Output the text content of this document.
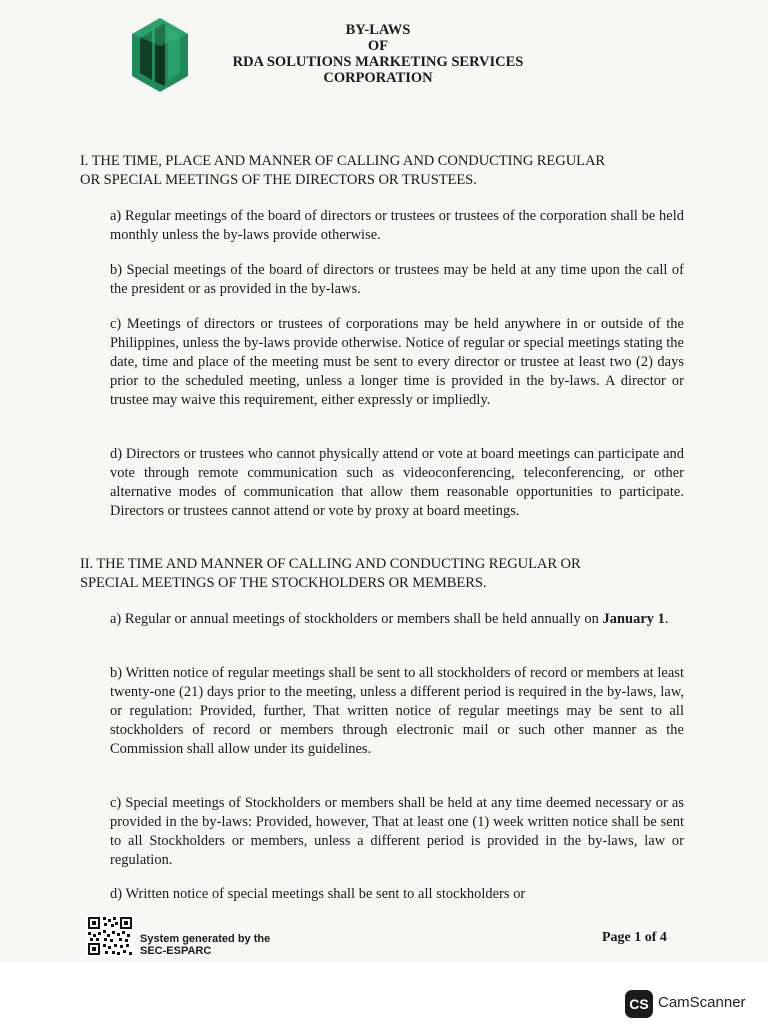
BY-LAWS
OF
RDA SOLUTIONS MARKETING SERVICES
CORPORATION
I. THE TIME, PLACE AND MANNER OF CALLING AND CONDUCTING REGULAR
OR SPECIAL MEETINGS OF THE DIRECTORS OR TRUSTEES.
a) Regular meetings of the board of directors or trustees or trustees of the corporation shall be held monthly unless the by-laws provide otherwise.
b) Special meetings of the board of directors or trustees may be held at any time upon the call of the president or as provided in the by-laws.
c) Meetings of directors or trustees of corporations may be held anywhere in or outside of the Philippines, unless the by-laws provide otherwise. Notice of regular or special meetings stating the date, time and place of the meeting must be sent to every director or trustee at least two (2) days prior to the scheduled meeting, unless a longer time is provided in the by-laws. A director or trustee may waive this requirement, either expressly or impliedly.
d) Directors or trustees who cannot physically attend or vote at board meetings can participate and vote through remote communication such as videoconferencing, teleconferencing, or other alternative modes of communication that allow them reasonable opportunities to participate. Directors or trustees cannot attend or vote by proxy at board meetings.
II. THE TIME AND MANNER OF CALLING AND CONDUCTING REGULAR OR
SPECIAL MEETINGS OF THE STOCKHOLDERS OR MEMBERS.
a) Regular or annual meetings of stockholders or members shall be held annually on January 1.
b) Written notice of regular meetings shall be sent to all stockholders of record or members at least twenty-one (21) days prior to the meeting, unless a different period is required in the by-laws, law, or regulation: Provided, further, That written notice of regular meetings may be sent to all stockholders of record or members through electronic mail or such other manner as the Commission shall allow under its guidelines.
c) Special meetings of Stockholders or members shall be held at any time deemed necessary or as provided in the by-laws: Provided, however, That at least one (1) week written notice shall be sent to all Stockholders or members, unless a different period is provided in the by-laws, law or regulation.
d) Written notice of special meetings shall be sent to all stockholders or
System generated by the
SEC-ESPARC
Page 1 of 4
CS CamScanner
